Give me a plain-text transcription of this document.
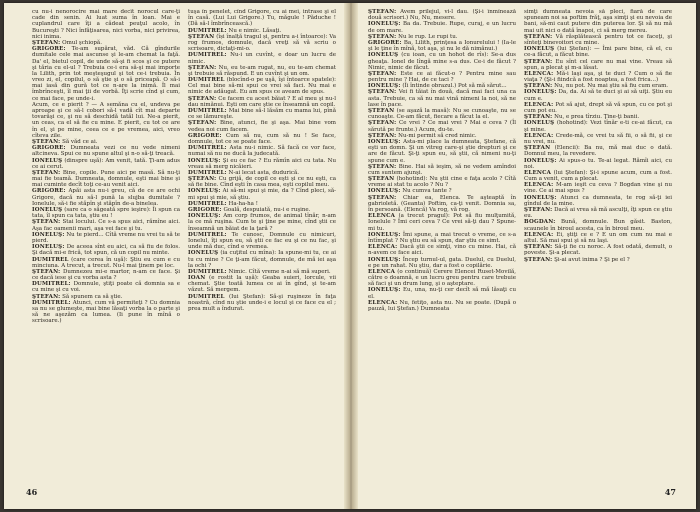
cu nu-i nenorocire mai mare decît norocul care-ţi cade din senin. Ai luat suma în loan. Mai e cuplandrul care îţi a cădeat peuţul acolo, în Bucureşti ? Nici înfăţisarea, nici vorba, nici privirea, nici inima.

ŞTEFAN: Omul şchiopă.

GRIGORE: Te-am supărat, văd. Că gîndurile dumitale cele mai ascunse şi le-am chemat la faţă. Da' el, bietul copil, de unde să-şi fi scos şi ce putere şi tăria cu el-ul ? Trebuia ce-i era să-şi mai importe la Lilith, prin tot meşteşugul şi tot ce-i trebuia. În vreo zi, el, copilul, o să ştie şi o să priceapă. O să-i mai iasă din gură tot ce n-are la inimă. Îl mai îmbrînceşti, îl mai ţii de vorbă. Îţi scrie cînd şi cum, ce mai face, pe unde-i.

Acum, ce e pierit ? — A semăna cu el, undeva pe aproape şi ce să-l cobori să-l vadă cît mai departe tovarăşi ce, şi nu să deschidă tatăl lui. Ne-a pierit, un ceas, ca el să fie cu mine. E pierit, cu tot ce are în el, şi pe mine, ceea ce e pe vremea, aici, vreo cîteva zile.

ŞTEFAN: Să văd ce ai.

GRIGORE: Dumneata vezi ce nu vede nimeni altcineva. Spui ce nu spune altul şi n-o să-ţi treacă.

IONELUŞ (dinspre uşă): Am venit, tată. Ţi-am adus ce ai cerut.

ŞTEFAN: Bine, copile. Pune aici pe masă. Să nu-ţi mai fie teamă. Dumneata, domnule, eşti mai bine şi mai cuminte decît toţi ce-au venit aici.

GRIGORE: Apăi asta nu-i greu, că de ce are ochi Grigore, dacă nu să-l pună la slujba dumitale ? Ionelule, să-i fie stăpîn şi stăpîn de-a binelea.

IONELUŞ (sare ca o săgeată spre ieşire): Îi spun ca tata, îl spun ca tata, ştiu eu !

ŞTEFAN: Stai locului. Ce s-a spus aici, rămîne aici. Aşa fac oamenii mari, aşa vei face şi tu.

IONELUŞ: Nu te pierd... Cîtă vreme nu vrei tu să te pierd.

IONELUŞ: De aceea sînt eu aici, ca să fiu de folos. Şi dacă mi-e frică, tot spun, că un copil nu minte.

DUMITREL (care cerea în uşă): Ştiu eu cum e cu minciuna. A trecut, a trecut. Nu-l mai ţinem pe loc.

ŞTEFAN: Dumnezeu mi-e martor, n-am ce face. Şi ce dacă iese şi cu vorba asta ?

DUMITREL: Domnule, ştiţi poate că domnia sa e cu mine şi cu voi.

ŞTEFAN: Să spunem ca să ştie.

DUMITREL: Atunci, cum vă permiteţi ? Cu domnia sa nu se glumeşte, mai bine lăsaţi vorba la o parte şi să ne aşezăm ca lumea. (Ii pune în mînă o scrisoare.)

tuşa în penelet, cînd Grigore, cu ai mei, intrase şi el în casă. (Lui Lui Grigore.) Tu, măgule ! Păduche ! (Dă să-l îmbrîncească.)

DUMITREL: Nu e nimic. Lăsaţi.

ŞTEFAN (își înalță tragul și, pentru a-i întoarce): Va rog frumos, domnule, dacă vreţi să vă scriu o scrisoare, dictaţi-mi-o.

DUMITREL: Nu-i un cuvînt, e doar un lucru de nimic.

ŞTEFAN: Nu, eu te-am rugat, nu, eu te-am chemat şi trebuie să răspund. E un cuvînt şi un om.

DUMITREL (blocînd-o pe uşă, îşi întoarce spatele): Cel mai bine să-mi spui ce vrei să faci. Nu mai e nimic de adăugat. Eu am spus ce aveam de spus.

ŞTEFAN: Ce facem cu acest băiat ? E al meu şi nu-l dau nimănui. Eşti om care ştie ce înseamnă un copil.

DUMITREL: Mai bine să-l lăsăm cu mama lui, pînă ce se lămureşte.

ŞTEFAN: Bine, atunci, fie şi aşa. Mai bine vom vedea noi cum facem.

GRIGORE: Cum să nu, cum să nu ! Se face, domnule, tot ce se poate face.

DUMITREL: Asta nu-i nimic. Să facă ce vor face, numai să nu ne ducă la judecată.

IONELUŞ: Şi eu ce fac ? Eu rămîn aici cu tata. Nu vreau să merg nicăieri.

DUMITREL: N-ai lecat asta, dudurică.

ŞTEFAN: Cu grijă, de copil ce eşti şi ce nu eşti, ca să fie bine. Cînd eşti în casa mea, eşti copilul meu.

IONELUŞ: Ai să-mi spui şi mie, da ? Cînd pleci, să-mi spui şi mie, să ştiu.

DUMITREL: Ha-ha-ha !

GRIGORE: Goală, despuiată, nu-i e ruşine.

IONELUŞ: Am corp frumos, de animal tînăr, n-am la ce mă ruşina. Cum te şi ţine pe mine, cînd ştii ce înseamnă un băiat de la ţară ?

DUMITREL: Te cunosc, Domnule cu nimicuri, Ionelul, îţi spun eu, să ştii ce fac eu şi ce nu fac, şi unde mă duc, cînd e vremea.

IONELUŞ (ia cuţitul cu mîna): Ia spune-mi tu, ce ai tu cu mine ? Ce ţi-am făcut, domnule, de mă iei aşa la ochi ?

DUMITREL: Nimic. Cîtă vreme n-ai să mă superi.

IOAN (e rostit la ușă): Geaba suieri, lorcule, vii chemat. Ştie toată lumea ce ai în gînd, şi te-am văzut. Să mergem.

DUMITREL (Iui Ştefan): Să-şi ruşineze în faţa noastră, cînd nu ştie unde-i e locul şi ce face cu el ; prea mult a îndurat.

46

ŞTEFAN: Avem prilejul, vi-l dau. (Şi-i înmînează două scrisori.) Nu, Nu, mesere.

IONELUŞ: Ba da. Trebuie. Rupe, curaj, e un lucru de om mare.

ŞTEFAN: Nu le rup. Le rupi tu.

GRIGORE: Ba, Lilith, prinţesa a Ionurelului ! (Ia-le şi le ţine în mînă, tot aşa, şi nu le dă nimănui.)

IONELUŞ (cu ioan, cu un hohot de rîs): Se-a dus gheaţa. Ionel de lîngă mine s-a dus. Ce-i de făcut ? Nimic, nimic de făcut.

ŞTEFAN: Este ce ai făcut-o ? Pentru mine sau pentru mine ? Hai, de ce taci ?

IONELUŞ: (Îi întinde obrazul.) Pot să mă sărut...

ŞTEFAN: Vei fi tăiat în două, dacă mai faci una ca asta. Trebuie, ca să nu mai vină nimeni la noi, să ne lase în pace.

ŞTEFAN (se aşază la masă): Nu se cunoaşte, nu se cunoaşte. Ce-am făcut, fiecare a făcut la el.

ŞTEFAN: Ce vrei ? Ce mai vrei ? Mai e ceva ? (Îl sărută pe frunte.) Acum, du-te.

ŞTEFAN: Nu-mi permit să cred nimic.

IONELUŞ: Asta-mi place la dumneata, Ştefane, că eşti un domn. Şi un vitreg care-şi ştie drepturi şi ce are de făcut. Şi-ţi spun eu, să ştii, că nimeni nu-ţi spune cum e.

ŞTEFAN: Bine. Hai să ieşim, să ne vedem amîndoi cum suntem ajunşi.

ŞTEFAN (hohotind): Nu ştii cine e faţa acolo ? Cîtă vreme ai stat tu acolo ? Nu ?

IONELUŞ: Nu cumva tante ?

ŞTEFAN: Chiar ea, Elenca. Te aşteaptă în gabrioletă. (Geanta) Poftim, ca-ţi venit. Domnia sa, în persoană. (Elencă) Va rog, vă rog.

ELENCA (a trecut pragul): Pot să fiu mulţumită, Ionelule ? Îmi ceri ceva ? Ce vrei să-ţi dau ? Spune-mi tu.

IONELUŞ: Îmi spune, a mai trecut o vreme, ce s-a întîmplat ? Nu ştiu eu să spun, dar ştiu ce simt.

ELENCA: Dacă ştii ce simţi, vino cu mine. Hai, că n-avem ce face aici.

IONELUŞ: Încep turnul-ul, gata. Duelul, cu Duelul, e pe un rahat. Nu ştiu, dar a fost o copilărie.

ELENCA (o continuă) Cerere Elencei Ruset-Movilă, către o doamnă, e un lucru greu pentru care trebuie să faci şi un drum lung, şi o aşteptare.

IONELUŞ: Eu, una, nu-ţi cer decît să mă lăsaţi cu el.

ELENCA: Nu, fetiţo, asta nu. Nu se poate. (După o pauză, lui Ştefan.) Dumneata

simţi dumneata nevoia să pleci, fiară de care spuneam noi sa poftim frăţ, aşa simţi şi eu nevoia de bani, să-mi caut putere din puterea lor. Şi să nu mă mai uit nici o dată înapoi, ci să merg mereu.

ŞTEFAN: Vă răsplătească pentru tot ce faceţi, şi sînteţi binevoitori cu mine.

IONELUŞ (lui Ştefan): — Îmi pare bine, că el, cu ce-a făcut, a făcut bine.

ŞTEFAN: Eu sînt cel care nu mai vine. Vreau să spun, a plecat şi m-a lăsat.

ELENCA: Mă-i laşi aşa, şi te duci ? Cum o să fie viaţa ? (Şi-i fiindcă a fost noaptea, a fost frica...)

ŞTEFAN: Nu, nu pot. Nu mai ştiu să fiu cum eram.

IONELUŞ: Da, da. Ai să te duci şi ai să uiţi. Ştiu eu cum e.

ELENCA: Pot să ajut, drept să vă spun, cu ce pot şi cum pot eu.

ŞTEFAN: Nu, e prea tîrziu. Ţine-ţi banii.

IONELUŞ (hohotind): Vezi tînăr e-ti ce-ai făcut, ca şi mine.

ELENCA: Crede-mă, ce vrei tu să fii, o să fii, şi ce nu vrei, nu.

ŞTEFAN (Elencii): Ba nu, mă mai duc o dată. Domnul meu, la revedere.

IONELUŞ: Ai spus-o tu. Te-ai legat. Rămîi aici, cu noi.

ELENCA (lui Ştefan): Şi-i spune acum, cum a fost. Cum a venit, cum a plecat.

ELENCA: M-am ieşit cu ceva ? Bogdan vine şi nu vine. Ce ai mai spus ?

IONELUŞ: Atunci ca dumneata, te rog să-ţi iei gîndul de la mine.

ŞTEFAN: Dacă ai vrea să mă asculţi, îţi spun ce ştiu eu.

BOGDAN: Bună, domnule. Bun găsit. Baston, scaunele în biroul acesta, ca în biroul meu.

ELENCA: Ei, ştiţi ce e ? E un om cum nu mai e altul. Să mai spui şi să nu laşi.

ŞTEFAN: Să-ţi fie cu noroc. A fost odată, demult, o poveste. Şi-a plecat.

ŞTEFAN: Şi-ai avut inima ? Şi pe el ?

47
